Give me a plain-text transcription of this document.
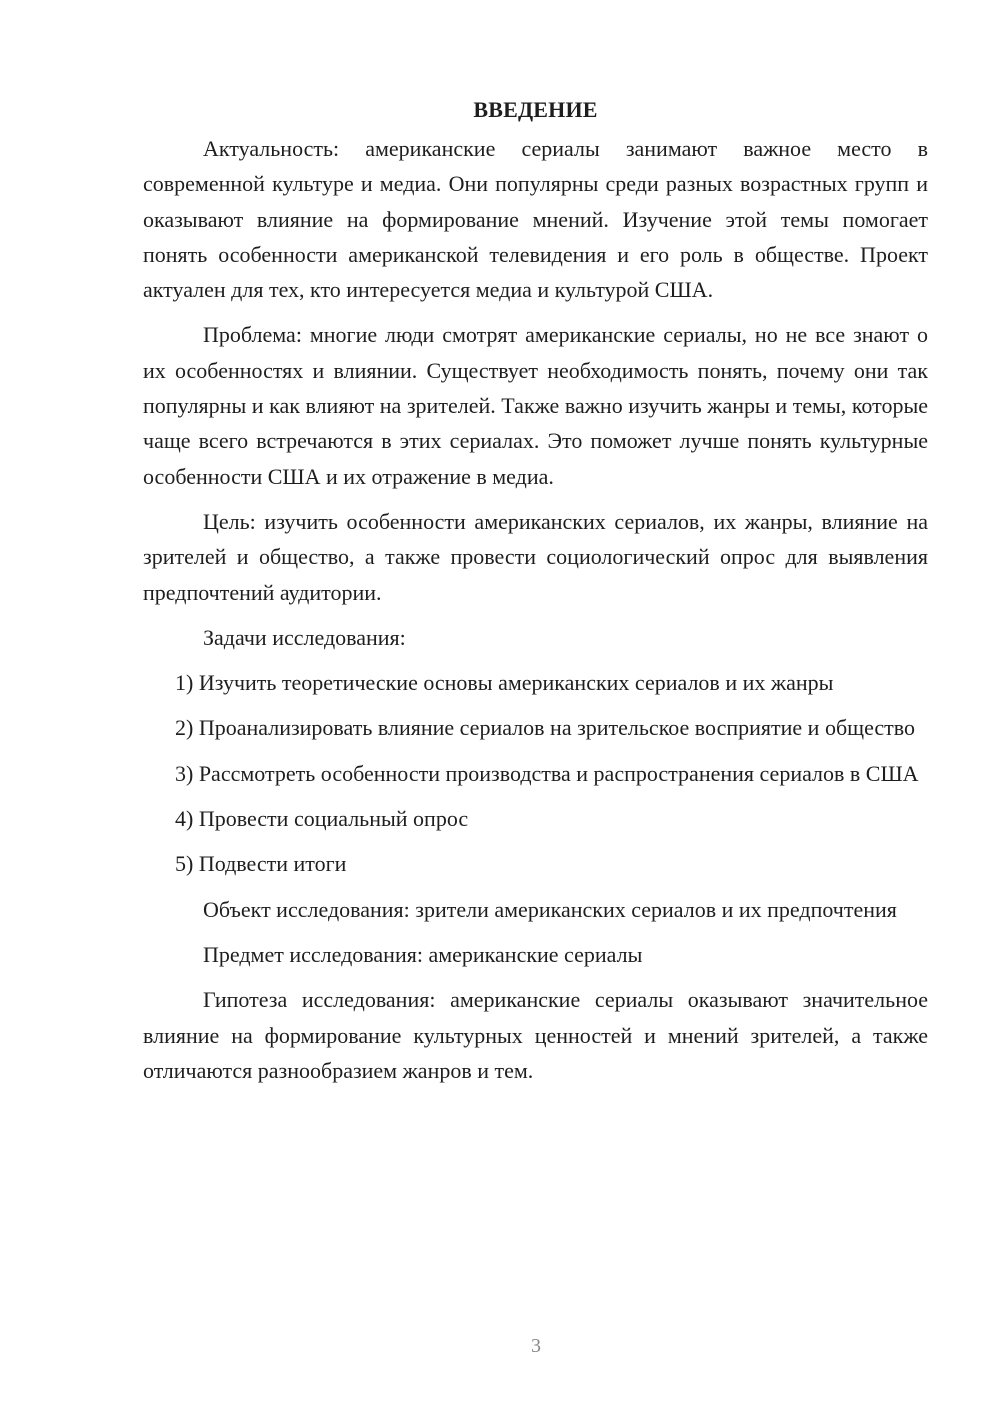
ВВЕДЕНИЕ

Актуальность: американские сериалы занимают важное место в современной культуре и медиа. Они популярны среди разных возрастных групп и оказывают влияние на формирование мнений. Изучение этой темы помогает понять особенности американской телевидения и его роль в обществе. Проект актуален для тех, кто интересуется медиа и культурой США.

Проблема: многие люди смотрят американские сериалы, но не все знают о их особенностях и влиянии. Существует необходимость понять, почему они так популярны и как влияют на зрителей. Также важно изучить жанры и темы, которые чаще всего встречаются в этих сериалах. Это поможет лучше понять культурные особенности США и их отражение в медиа.

Цель: изучить особенности американских сериалов, их жанры, влияние на зрителей и общество, а также провести социологический опрос для выявления предпочтений аудитории.

Задачи исследования:

1) Изучить теоретические основы американских сериалов и их жанры

2) Проанализировать влияние сериалов на зрительское восприятие и общество

3) Рассмотреть особенности производства и распространения сериалов в США

4) Провести социальный опрос

5) Подвести итоги

Объект исследования: зрители американских сериалов и их предпочтения

Предмет исследования: американские сериалы

Гипотеза исследования: американские сериалы оказывают значительное влияние на формирование культурных ценностей и мнений зрителей, а также отличаются разнообразием жанров и тем.

3
